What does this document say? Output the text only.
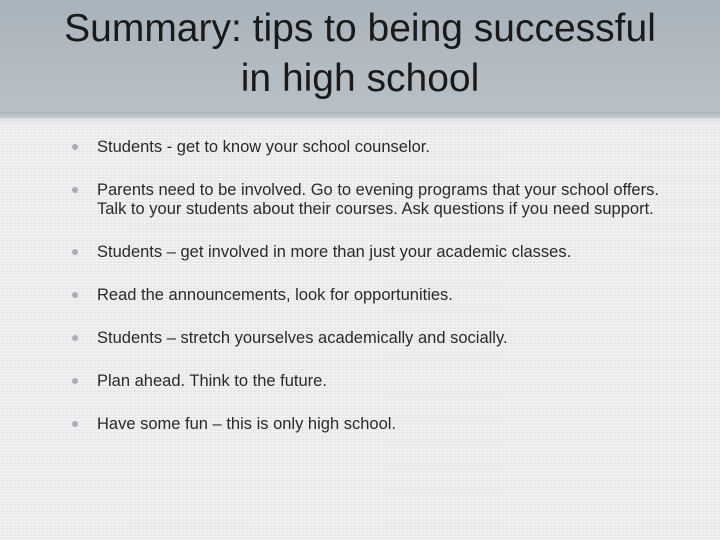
Summary: tips to being successful in high school
Students - get to know your school counselor.
Parents need to be involved. Go to evening programs that your school offers. Talk to your students about their courses. Ask questions if you need support.
Students – get involved in more than just your academic classes.
Read the announcements, look for opportunities.
Students – stretch yourselves academically and socially.
Plan ahead. Think to the future.
Have some fun – this is only high school.
